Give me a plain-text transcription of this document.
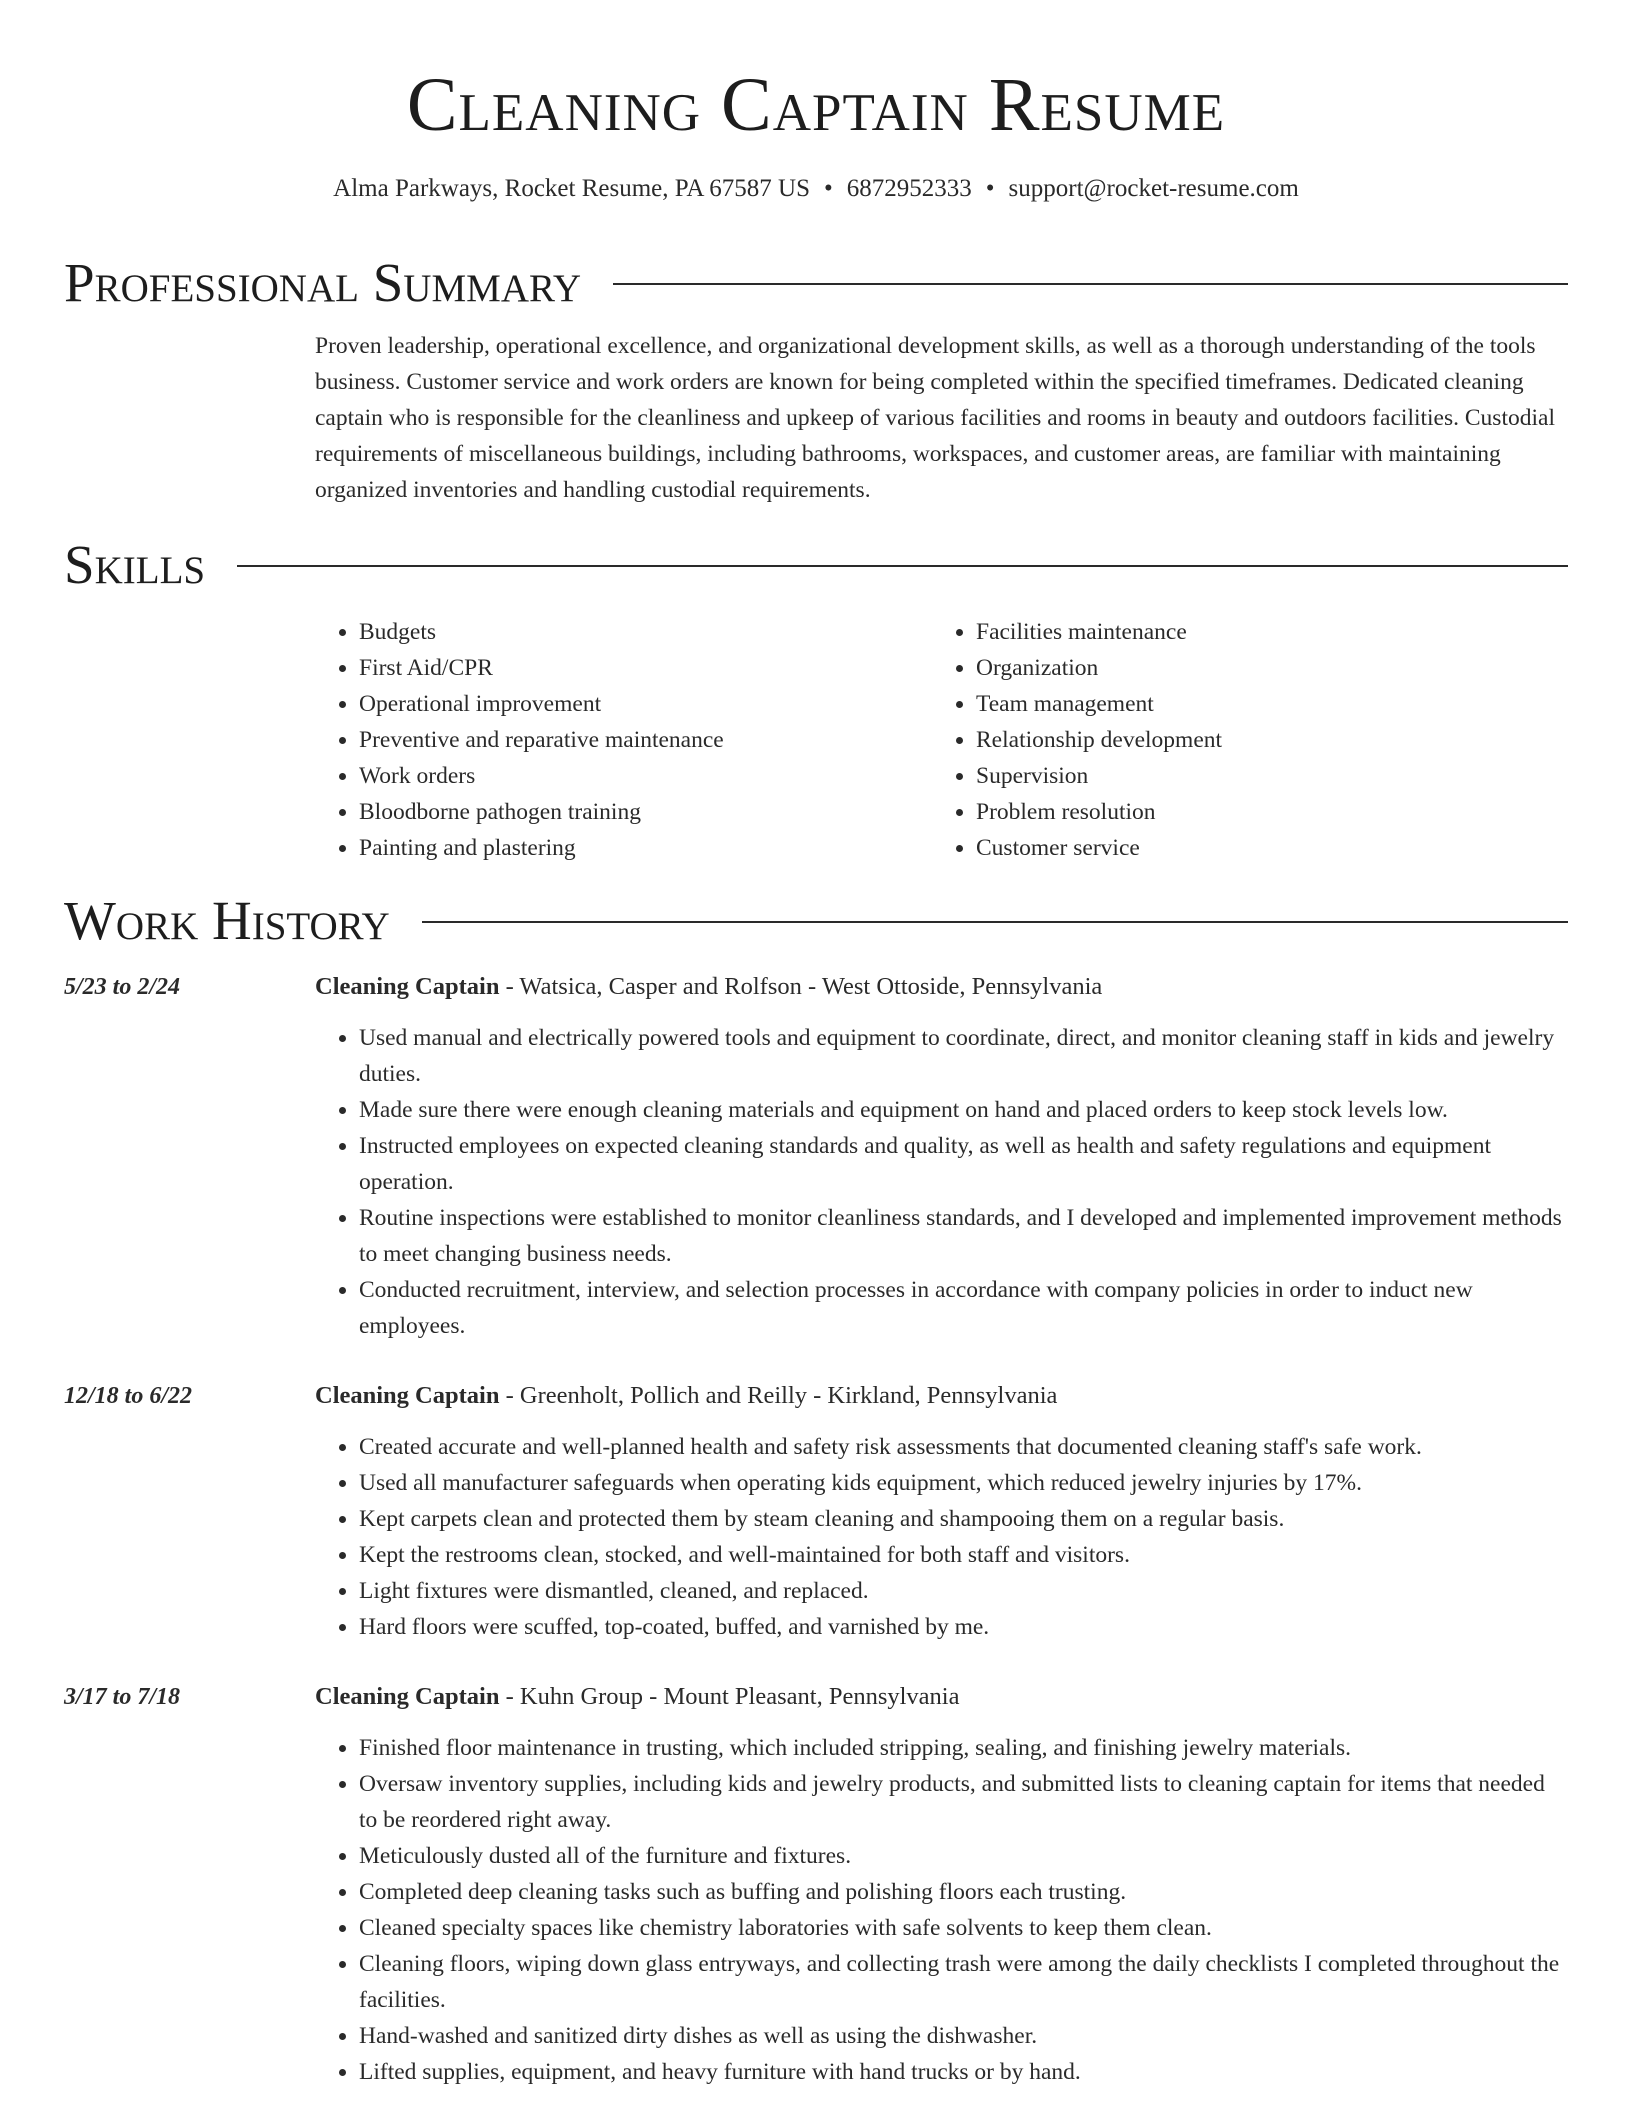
Cleaning Captain Resume
Alma Parkways, Rocket Resume, PA 67587 US • 6872952333 • support@rocket-resume.com
Professional Summary

Proven leadership, operational excellence, and organizational development skills, as well as a thorough understanding of the tools business. Customer service and work orders are known for being completed within the specified timeframes. Dedicated cleaning captain who is responsible for the cleanliness and upkeep of various facilities and rooms in beauty and outdoors facilities. Custodial requirements of miscellaneous buildings, including bathrooms, workspaces, and customer areas, are familiar with maintaining organized inventories and handling custodial requirements.

Skills
• Budgets
• First Aid/CPR
• Operational improvement
• Preventive and reparative maintenance
• Work orders
• Bloodborne pathogen training
• Painting and plastering
• Facilities maintenance
• Organization
• Team management
• Relationship development
• Supervision
• Problem resolution
• Customer service
Work History
5/23 to 2/24	Cleaning Captain - Watsica, Casper and Rolfson - West Ottoside, Pennsylvania
• Used manual and electrically powered tools and equipment to coordinate, direct, and monitor cleaning staff in kids and jewelry duties.
• Made sure there were enough cleaning materials and equipment on hand and placed orders to keep stock levels low.
• Instructed employees on expected cleaning standards and quality, as well as health and safety regulations and equipment operation.
• Routine inspections were established to monitor cleanliness standards, and I developed and implemented improvement methods to meet changing business needs.
• Conducted recruitment, interview, and selection processes in accordance with company policies in order to induct new employees.
12/18 to 6/22	Cleaning Captain - Greenholt, Pollich and Reilly - Kirkland, Pennsylvania
• Created accurate and well-planned health and safety risk assessments that documented cleaning staff's safe work.
• Used all manufacturer safeguards when operating kids equipment, which reduced jewelry injuries by 17%.
• Kept carpets clean and protected them by steam cleaning and shampooing them on a regular basis.
• Kept the restrooms clean, stocked, and well-maintained for both staff and visitors.
• Light fixtures were dismantled, cleaned, and replaced.
• Hard floors were scuffed, top-coated, buffed, and varnished by me.
3/17 to 7/18	Cleaning Captain - Kuhn Group - Mount Pleasant, Pennsylvania
• Finished floor maintenance in trusting, which included stripping, sealing, and finishing jewelry materials.
• Oversaw inventory supplies, including kids and jewelry products, and submitted lists to cleaning captain for items that needed to be reordered right away.
• Meticulously dusted all of the furniture and fixtures.
• Completed deep cleaning tasks such as buffing and polishing floors each trusting.
• Cleaned specialty spaces like chemistry laboratories with safe solvents to keep them clean.
• Cleaning floors, wiping down glass entryways, and collecting trash were among the daily checklists I completed throughout the facilities.
• Hand-washed and sanitized dirty dishes as well as using the dishwasher.
• Lifted supplies, equipment, and heavy furniture with hand trucks or by hand.
